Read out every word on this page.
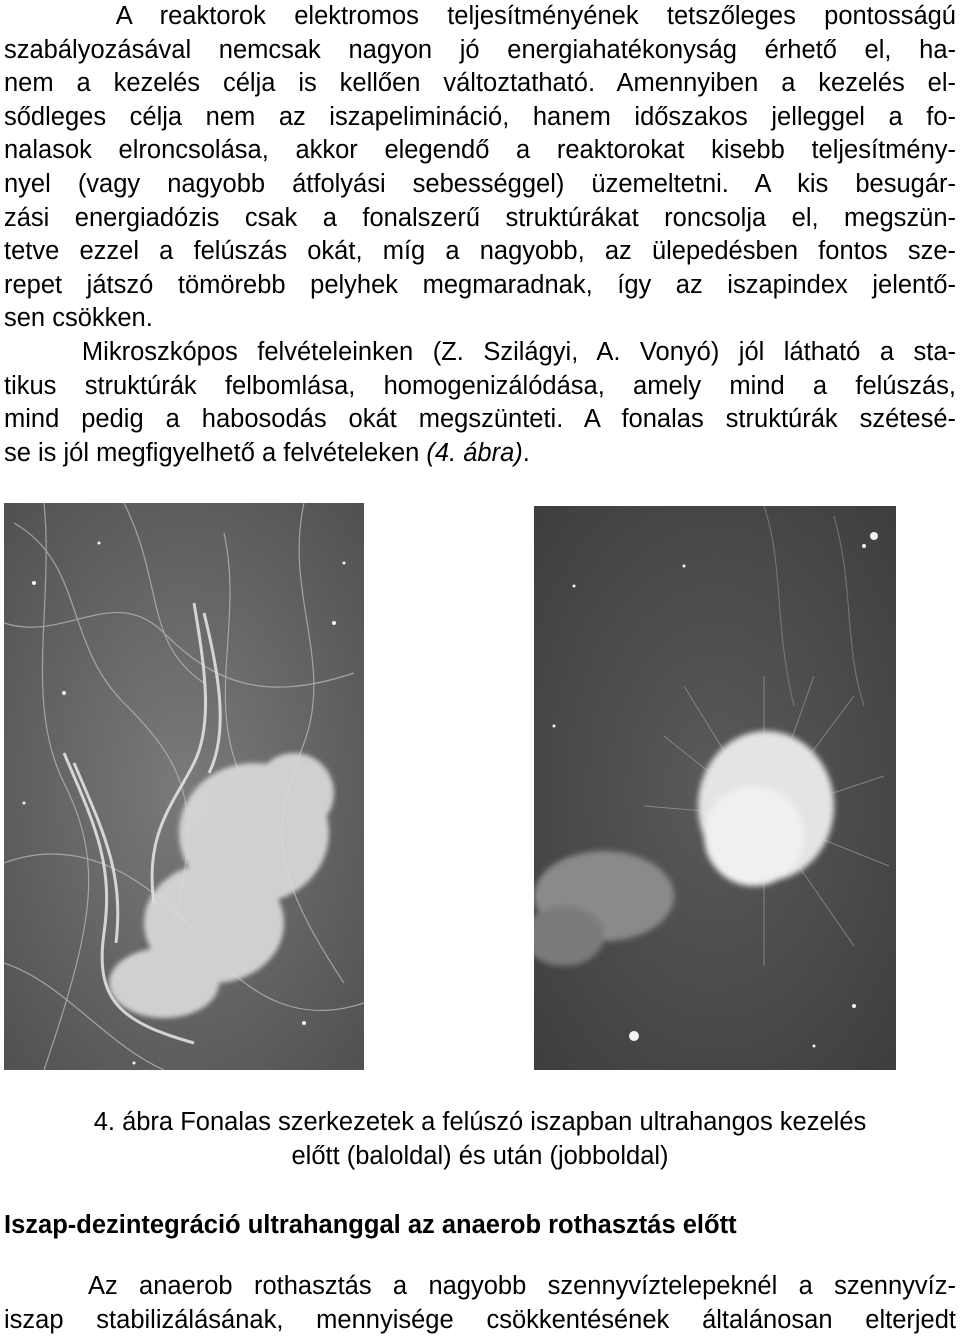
A reaktorok elektromos teljesítményének tetszőleges pontosságú
szabályozásával nemcsak nagyon jó energiahatékonyság érhető el, ha-
nem a kezelés célja is kellően változtatható. Amennyiben a kezelés el-
sődleges célja nem az iszapelimináció, hanem időszakos jelleggel a fo-
nalasok elroncsolása, akkor elegendő a reaktorokat kisebb teljesítmény-
nyel (vagy nagyobb átfolyási sebességgel) üzemeltetni. A kis besugár-
zási energiadózis csak a fonalszerű struktúrákat roncsolja el, megszün-
tetve ezzel a felúszás okát, míg a nagyobb, az ülepedésben fontos sze-
repet játszó tömörebb pelyhek megmaradnak, így az iszapindex jelentő-
sen csökken.
Mikroszkópos felvételeinken (Z. Szilágyi, A. Vonyó) jól látható a sta-
tikus struktúrák felbomlása, homogenizálódása, amely mind a felúszás,
mind pedig a habosodás okát megszünteti. A fonalas struktúrák szétesé-
se is jól megfigyelhető a felvételeken (4. ábra).
4. ábra Fonalas szerkezetek a felúszó iszapban ultrahangos kezelés
előtt (baloldal) és után (jobboldal)
Iszap-dezintegráció ultrahanggal az anaerob rothasztás előtt
Az anaerob rothasztás a nagyobb szennyvíztelepeknél a szennyvíz-
iszap stabilizálásának, mennyisége csökkentésének általánosan elterjedt
